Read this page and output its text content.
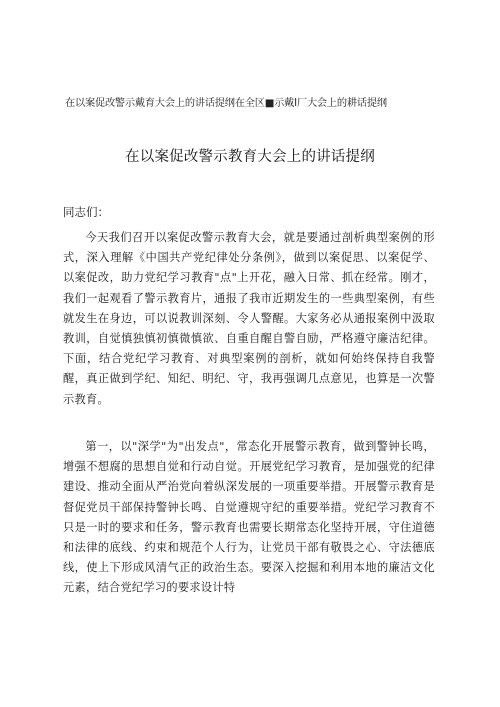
在以案促改警示戴育大会上的讲话提纲在全区■示戴I厂大会上的耕话提纲
在以案促改警示教育大会上的讲话提纲
同志们：

今天我们召开以案促改警示教育大会，就是要通过剖析典型案例的形式，深入理解《中国共产党纪律处分条例》，做到以案促思、以案促学、以案促改，助力党纪学习教育"点"上开花，融入日常、抓在经常。刚才，我们一起观看了警示教育片，通报了我市近期发生的一些典型案例，有些就发生在身边，可以说教训深刻、令人警醒。大家务必从通报案例中汲取教训，自觉慎独慎初慎微慎欲、自重自醒自警自励，严格遵守廉洁纪律。下面，结合党纪学习教育、对典型案例的剖析，就如何始终保持自我警醒，真正做到学纪、知纪、明纪、守，我再强调几点意见，也算是一次警示教育。

第一，以"深学"为"出发点"，常态化开展警示教育，做到警钟长鸣，增强不想腐的思想自觉和行动自觉。开展党纪学习教育，是加强党的纪律建设、推动全面从严治党向着纵深发展的一项重要举措。开展警示教育是督促党员干部保持警钟长鸣、自觉遵规守纪的重要举措。党纪学习教育不只是一时的要求和任务，警示教育也需要长期常态化坚持开展，守住道德和法律的底线、约束和规范个人行为，让党员干部有敬畏之心、守法德底线，使上下形成风清气正的政治生态。要深入挖掘和利用本地的廉洁文化元素，结合党纪学习的要求设计特
